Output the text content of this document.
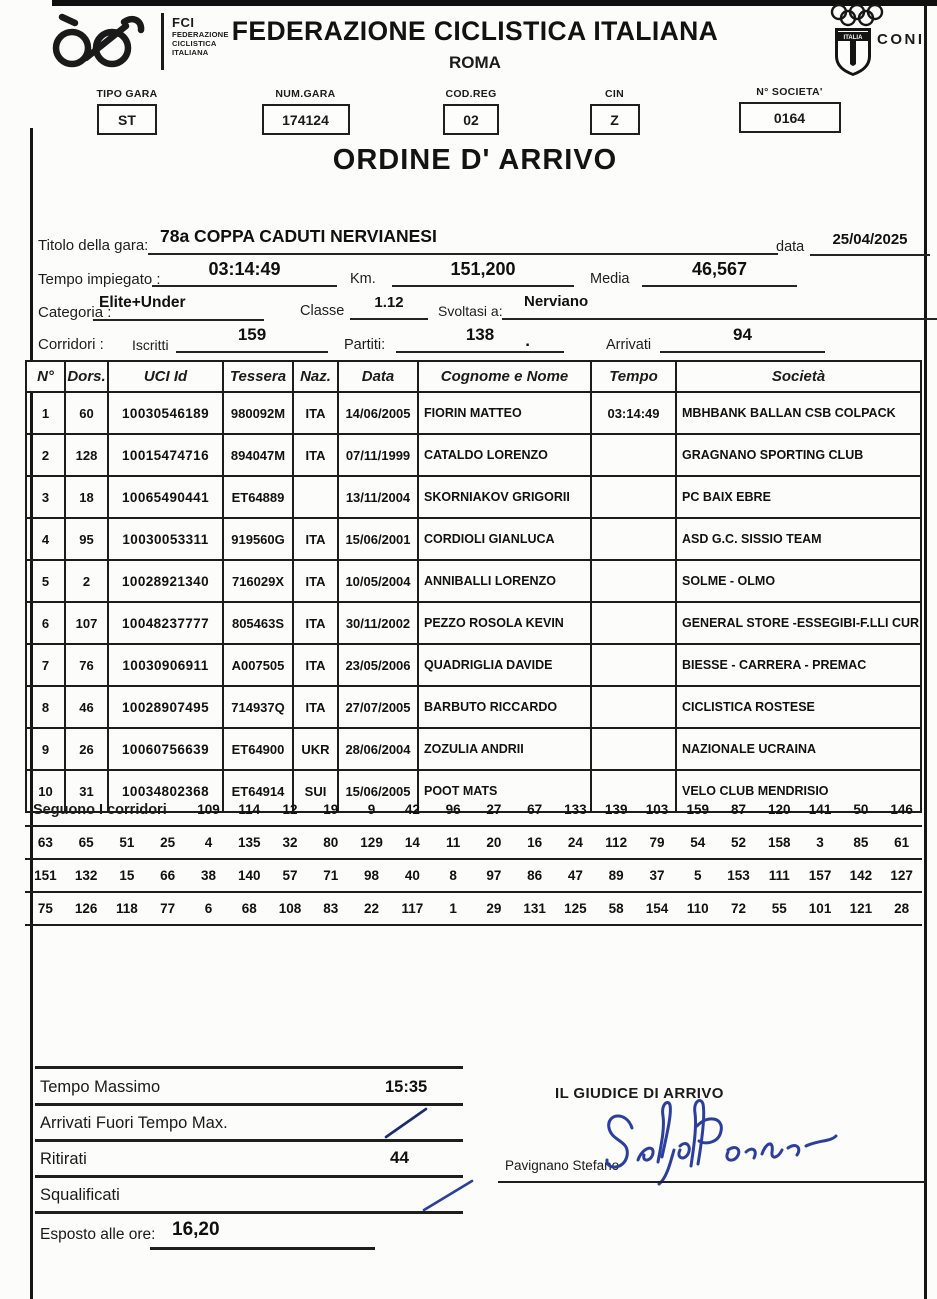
FCI
FEDERAZIONE
CICLISTICA
ITALIANA
FEDERAZIONE CICLISTICA ITALIANA
ROMA
ITALIA CONI
TIPO GARA
ST
NUM.GARA
174124
COD.REG
02
CIN
Z
N° SOCIETA'
0164
ORDINE D' ARRIVO
Titolo della gara: 78a COPPA CADUTI NERVIANESI
data	25/04/2025
Tempo impiegato :
03:14:49	Km.	151,200	Media	46,567
Categoria :
Elite+Under	Classe	1.12	Svoltasi a:
Nerviano
Corridori : Iscritti
159
Partiti:
138 .	Arrivati
94
N°	Dors.	UCI Id	Tessera	Naz.	Data	Cognome e Nome	Tempo	Società
1	60	10030546189	980092M	ITA	14/06/2005	FIORIN MATTEO	03:14:49	MBHBANK BALLAN CSB COLPACK
2	128	10015474716	894047M	ITA	07/11/1999	CATALDO LORENZO		GRAGNANO SPORTING CLUB
3	18	10065490441	ET64889		13/11/2004	SKORNIAKOV GRIGORII		PC BAIX EBRE
4	95	10030053311	919560G	ITA	15/06/2001	CORDIOLI GIANLUCA		ASD G.C. SISSIO TEAM
5	2	10028921340	716029X	ITA	10/05/2004	ANNIBALLI LORENZO		SOLME - OLMO
6	107	10048237777	805463S	ITA	30/11/2002	PEZZO ROSOLA KEVIN		GENERAL STORE -ESSEGIBI-F.LLI CUR
7	76	10030906911	A007505	ITA	23/05/2006	QUADRIGLIA DAVIDE		BIESSE - CARRERA - PREMAC
8	46	10028907495	714937Q	ITA	27/07/2005	BARBUTO RICCARDO		CICLISTICA ROSTESE
9	26	10060756639	ET64900	UKR	28/06/2004	ZOZULIA ANDRII		NAZIONALE UCRAINA
10	31	10034802368	ET64914	SUI	15/06/2005	POOT MATS		VELO CLUB MENDRISIO
Seguono I corridori	109	114	12	19	9	42	96	27	67	133	139	103	159	87	120	141	50	146
63	65	51	25	4	135	32	80	129	14	11	20	16	24	112	79	54	52	158	3	85	61
151	132	15	66	38	140	57	71	98	40	8	97	86	47	89	37	5	153	111	157	142	127
75	126	118	77	6	68	108	83	22	117	1	29	131	125	58	154	110	72	55	101	121	28
Tempo Massimo	15:35
Arrivati Fuori Tempo Max.
Ritirati	44
Squalificati
Esposto alle ore: 16,20
IL GIUDICE DI ARRIVO
Pavignano Stefano
